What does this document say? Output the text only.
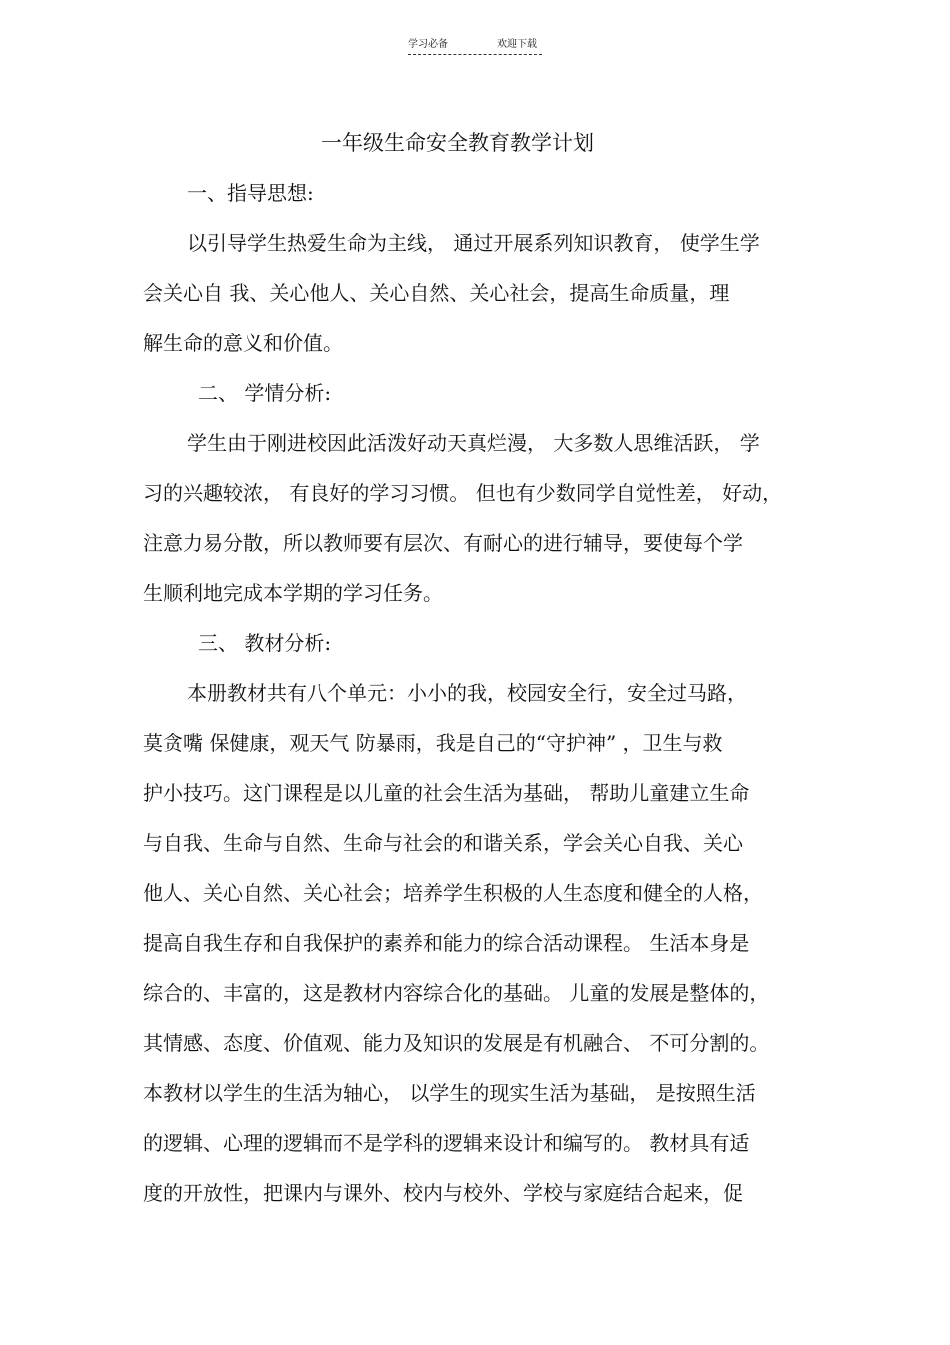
学习必备	欢迎下载
一年级生命安全教育教学计划
一、指导思想:
以引导学生热爱生命为主线， 通过开展系列知识教育， 使学生学
会关心自 我、关心他人、关心自然、关心社会，提高生命质量，理
解生命的意义和价值。
二、 学情分析:
学生由于刚进校因此活泼好动天真烂漫， 大多数人思维活跃， 学
习的兴趣较浓， 有良好的学习习惯。 但也有少数同学自觉性差， 好动，
注意力易分散，所以教师要有层次、有耐心的进行辅导，要使每个学
生顺利地完成本学期的学习任务。
三、 教材分析:
本册教材共有八个单元：小小的我，校园安全行，安全过马路，
莫贪嘴 保健康，观天气 防暴雨，我是自己的“守护神” ，卫生与救
护小技巧。这门课程是以儿童的社会生活为基础， 帮助儿童建立生命
与自我、生命与自然、生命与社会的和谐关系，学会关心自我、关心
他人、关心自然、关心社会；培养学生积极的人生态度和健全的人格，
提高自我生存和自我保护的素养和能力的综合活动课程。 生活本身是
综合的、丰富的，这是教材内容综合化的基础。 儿童的发展是整体的，
其情感、态度、价值观、能力及知识的发展是有机融合、 不可分割的。
本教材以学生的生活为轴心， 以学生的现实生活为基础， 是按照生活
的逻辑、心理的逻辑而不是学科的逻辑来设计和编写的。 教材具有适
度的开放性，把课内与课外、校内与校外、学校与家庭结合起来，促
